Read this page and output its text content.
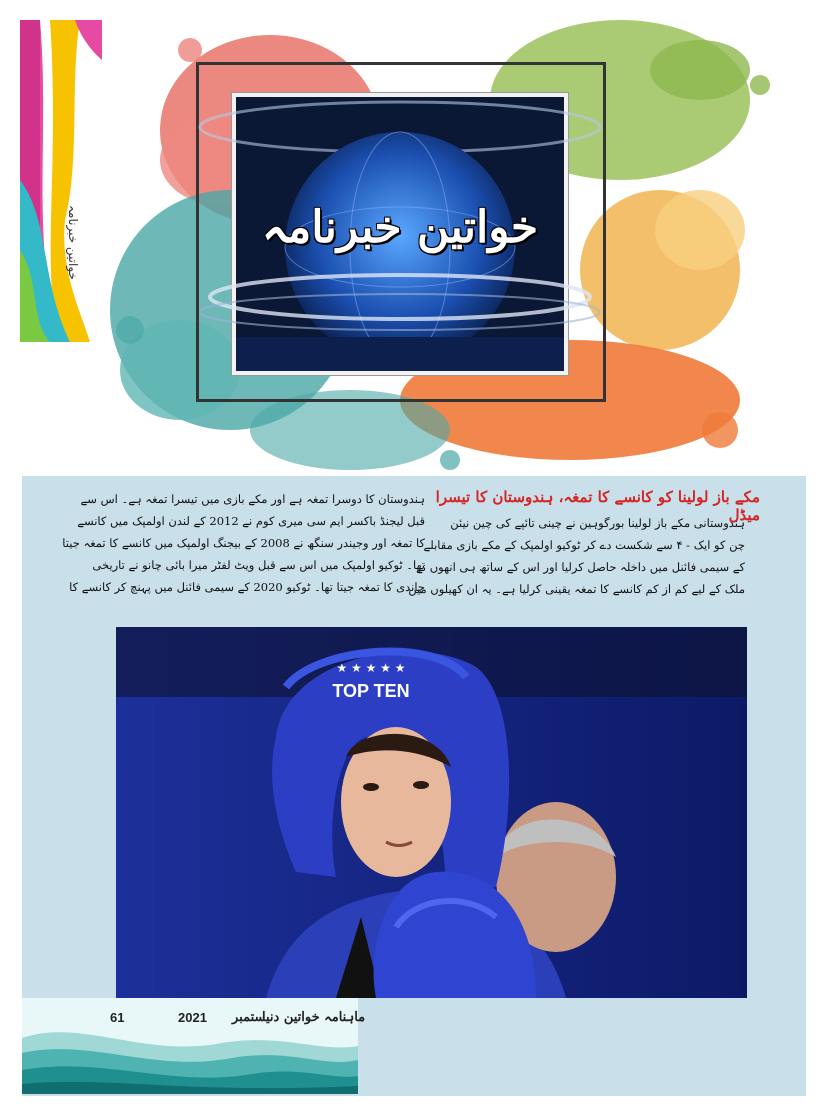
خواتین خبرنامہ	خواتین خبرنامہ
مکے باز لولینا کو کانسے کا تمغہ، ہندوستان کا تیسرا میڈل
ہندوستانی مکے باز لولینا بورگوہین نے چینی تائپے کی چین نیئن
چن کو ایک - ۴ سے شکست دے کر ٹوکیو اولمپک کے مکے بازی مقابلے
کے سیمی فائنل میں داخلہ حاصل کرلیا اور اس کے ساتھ ہی انھوں نے
ملک کے لیے کم از کم کانسے کا تمغہ یقینی کرلیا ہے۔ یہ ان کھیلوں میں
ہندوستان کا دوسرا تمغہ ہے اور مکے بازی میں تیسرا تمغہ ہے۔ اس سے
قبل لیجنڈ باکسر ایم سی میری کوم نے 2012 کے لندن اولمپک میں کانسے
کا تمغہ اور وجیندر سنگھ نے 2008 کے بیجنگ اولمپک میں کانسے کا تمغہ جیتا
تھا۔ ٹوکیو اولمپک میں اس سے قبل ویٹ لفٹر میرا بائی چانو نے تاریخی
چاندی کا تمغہ جیتا تھا۔ ٹوکیو 2020 کے سیمی فائنل میں پہنچ کر کانسے کا
TOP TEN
★ ★ ★ ★ ★
61	2021 ستمبر
ماہنامہ خواتین دنیا
